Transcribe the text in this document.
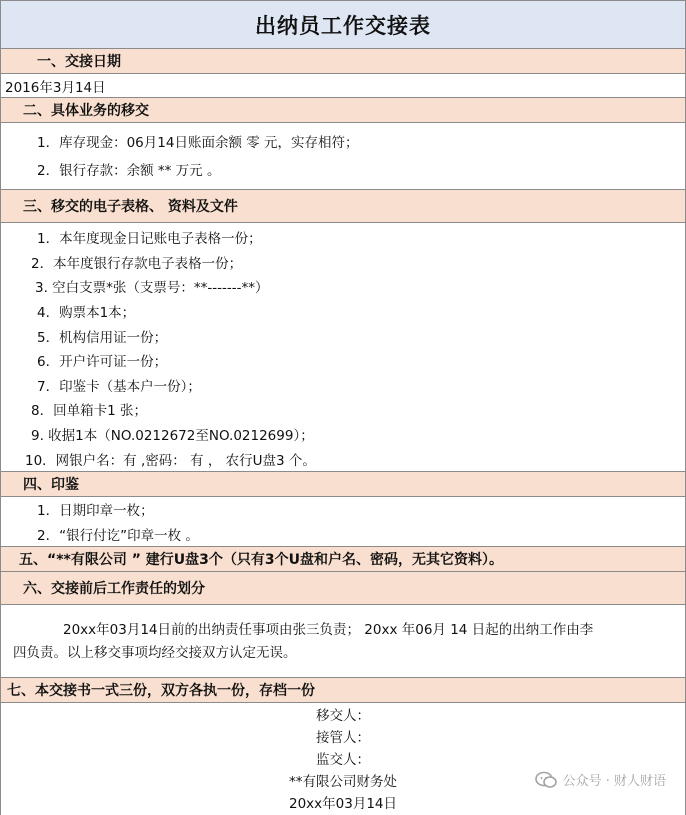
出纳员工作交接表
一、交接日期
2016年3月14日
二、具体业务的移交
1．库存现金：06月14日账面余额 零 元，实存相符；
2．银行存款：余额 ** 万元 。
三、移交的电子表格、 资料及文件
1．本年度现金日记账电子表格一份；
2．本年度银行存款电子表格一份；
3. 空白支票*张（支票号：**-------**）
4．购票本1本；
5．机构信用证一份；
6．开户许可证一份；
7．印鉴卡（基本户一份）；
8．回单箱卡1 张；
9. 收据1本（NO.0212672至NO.0212699）；
10．网银户名：有 ,密码： 有 ， 农行U盘3 个。
四、印鉴
1．日期印章一枚；
2．“银行付讫”印章一枚 。
五、“**有限公司 ” 建行U盘3个（只有3个U盘和户名、密码，无其它资料）。
六、交接前后工作责任的划分
20xx年03月14日前的出纳责任事项由张三负责； 20xx 年06月 14 日起的出纳工作由李
四负责。以上移交事项均经交接双方认定无误。
七、本交接书一式三份，双方各执一份，存档一份
移交人：
接管人：
监交人：
**有限公司财务处
20xx年03月14日
公众号 · 财人财语
